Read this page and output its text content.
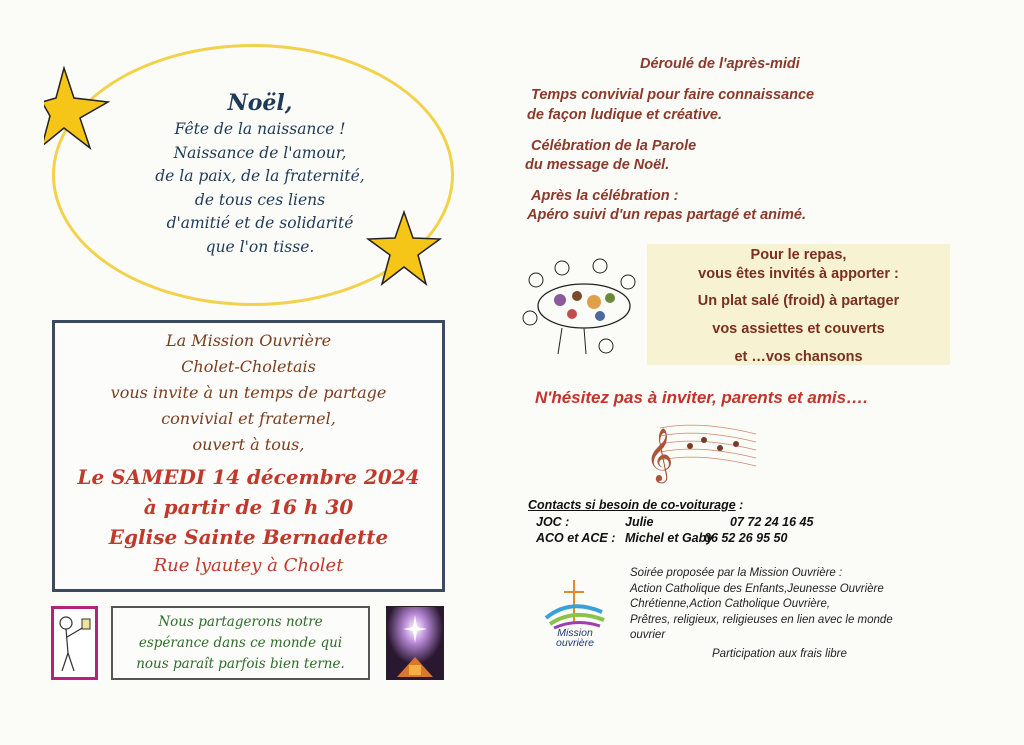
Noël,
Fête de la naissance !
Naissance de l'amour,
de la paix, de la fraternité,
de tous ces liens
d'amitié et de solidarité
que l'on tisse.
La Mission Ouvrière
Cholet-Choletais
vous invite à un temps de partage
convivial et fraternel,
ouvert à tous,
Le SAMEDI 14 décembre 2024
à partir de 16 h 30
Eglise Sainte Bernadette
Rue lyautey à Cholet
Nous partagerons notre
espérance dans ce monde qui
nous paraît parfois bien terne.
Déroulé de l'après-midi
Temps convivial pour faire connaissance
de façon ludique et créative.
Célébration de la Parole
du message de Noël.
Après la célébration :
Apéro suivi d'un repas partagé et animé.
Pour le repas,
vous êtes invités à apporter :
Un plat salé (froid) à partager
vos assiettes et couverts
et …vos chansons
N'hésitez pas à inviter, parents et amis….
𝄞
Contacts si besoin de co-voiturage :
JOC :	Julie	07 72 24 16 45
ACO et ACE : Michel et Gaby
06 52 26 95 50
Mission
ouvrière
Soirée proposée par la Mission Ouvrière :
Action Catholique des Enfants,Jeunesse Ouvrière
Chrétienne,Action Catholique Ouvrière,
Prêtres, religieux, religieuses en lien avec le monde
ouvrier
Participation aux frais libre
